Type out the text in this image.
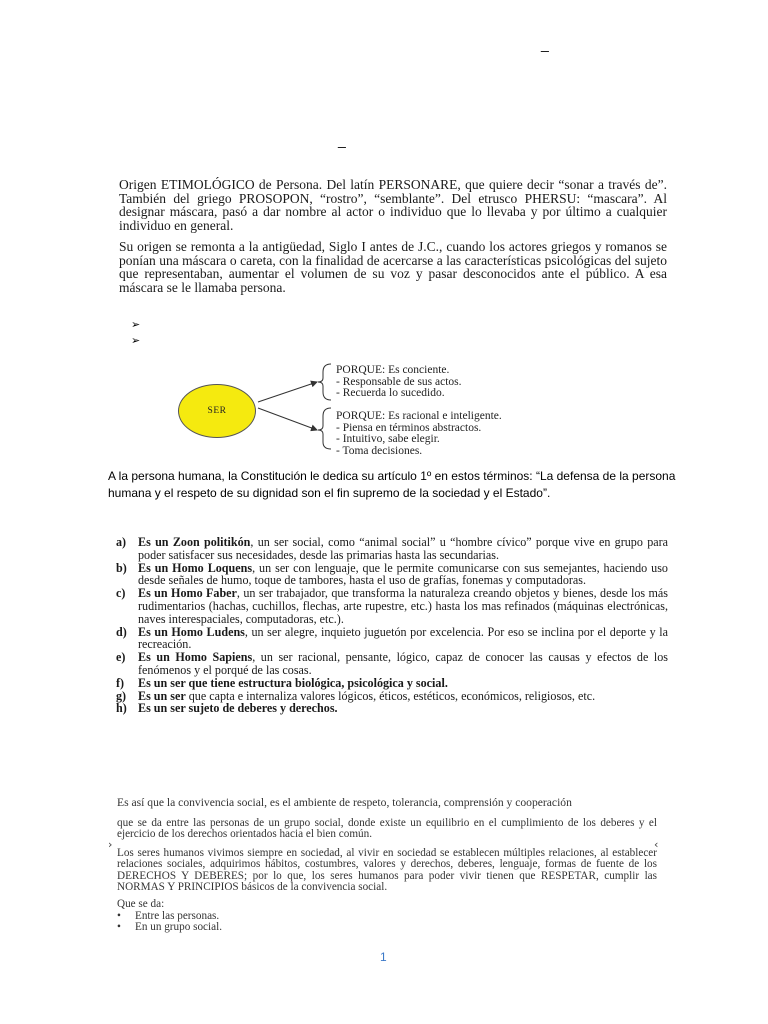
_
_
Origen ETIMOLÓGICO de Persona. Del latín PERSONARE, que quiere decir “sonar a través de”. También del griego PROSOPON, “rostro”, “semblante”. Del etrusco PHERSU: “mascara”. Al designar máscara, pasó a dar nombre al actor o individuo que lo llevaba y por último a cualquier individuo en general.
Su origen se remonta a la antigüedad, Siglo I antes de J.C., cuando los actores griegos y romanos se ponían una máscara o careta, con la finalidad de acercarse a las características psicológicas del sujeto que representaban, aumentar el volumen de su voz y pasar desconocidos ante el público. A esa máscara se le llamaba persona.
➢
➢
SER
PORQUE: Es conciente.
- Responsable de sus actos.
- Recuerda lo sucedido.
PORQUE: Es racional e inteligente.
- Piensa en términos abstractos.
- Intuitivo, sabe elegir.
- Toma decisiones.
A la persona humana, la Constitución le dedica su artículo 1º en estos términos: “La defensa de la persona humana y el respeto de su dignidad son el fin supremo de la sociedad y el Estado”.
a) Es un Zoon politikón, un ser social, como “animal social” u “hombre cívico” porque vive en grupo para poder satisfacer sus necesidades, desde las primarias hasta las secundarias.
b) Es un Homo Loquens, un ser con lenguaje, que le permite comunicarse con sus semejantes, haciendo uso desde señales de humo, toque de tambores, hasta el uso de grafías, fonemas y computadoras.
c)	Es un Homo Faber, un ser trabajador, que transforma la naturaleza creando objetos y bienes, desde los más rudimentarios (hachas, cuchillos, flechas, arte rupestre, etc.) hasta los mas refinados (máquinas electrónicas, naves interespaciales, computadoras, etc.).
d) Es un Homo Ludens, un ser alegre, inquieto juguetón por excelencia. Por eso se inclina por el deporte y la recreación.
e)	Es un Homo Sapiens, un ser racional, pensante, lógico, capaz de conocer las causas y efectos de los fenómenos y el porqué de las cosas.
f)	Es un ser que tiene estructura biológica, psicológica y social.
g) Es un ser que capta e internaliza valores lógicos, éticos, estéticos, económicos, religiosos, etc.
h) Es un ser sujeto de deberes y derechos.
Es así que la convivencia social, es el ambiente de respeto, tolerancia, comprensión y cooperación
que se da entre las personas de un grupo social, donde existe un equilibrio en el cumplimiento de los deberes y el ejercicio de los derechos orientados hacia el bien común.
›	‹
Los seres humanos vivimos siempre en sociedad, al vivir en sociedad se establecen múltiples relaciones, al establecer relaciones sociales, adquirimos hábitos, costumbres, valores y derechos, deberes, lenguaje, formas de fuente de los DERECHOS Y DEBERES; por lo que, los seres humanos para poder vivir tienen que RESPETAR, cumplir las NORMAS Y PRINCIPIOS básicos de la convivencia social.
Que se da:
• Entre las personas.
• En un grupo social.
1
